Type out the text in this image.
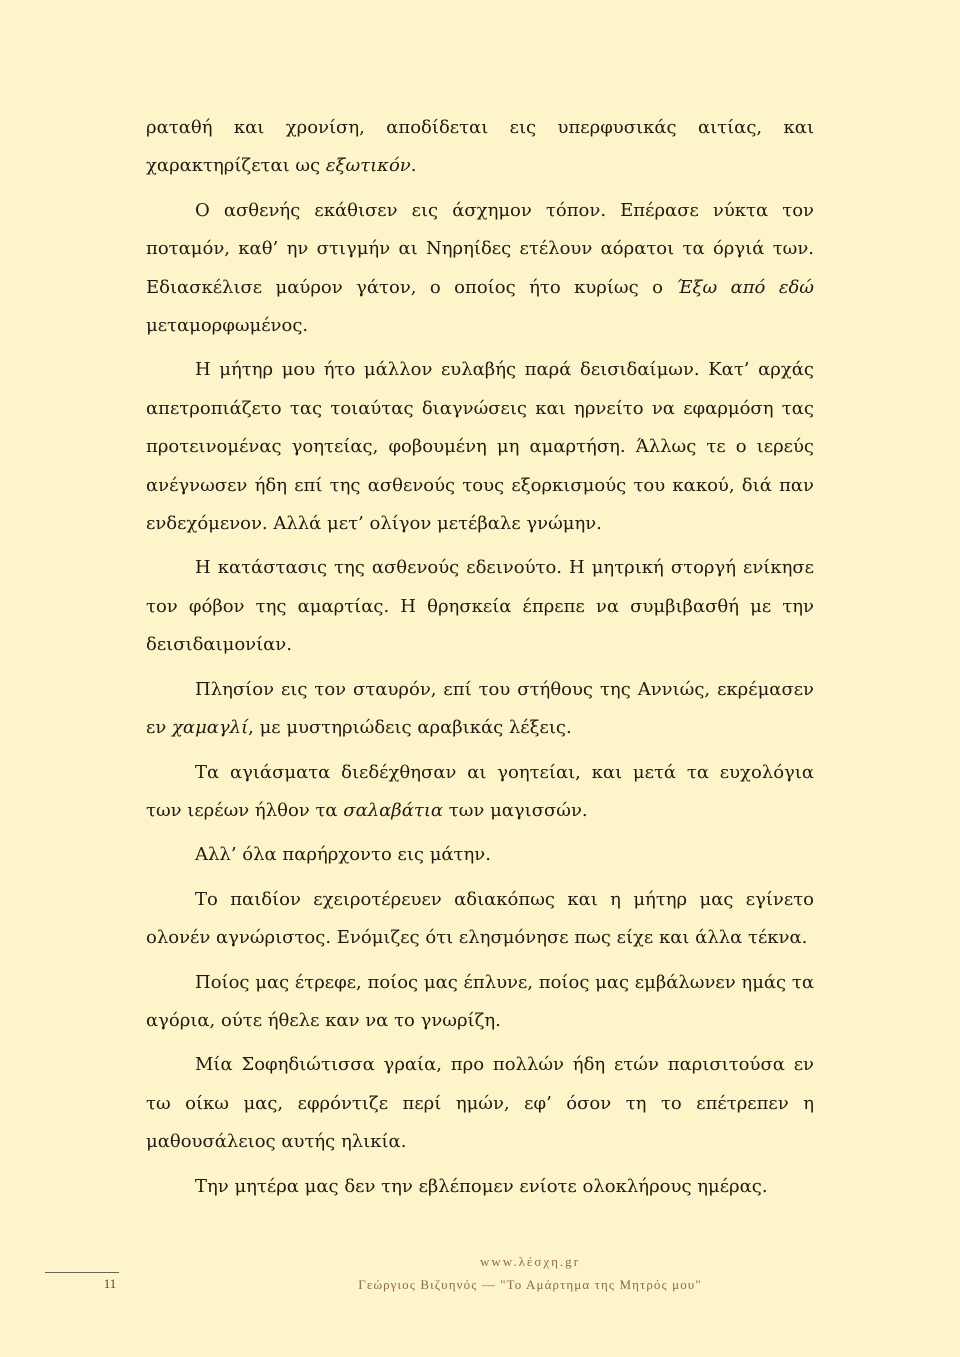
ραταθή και χρονίση, αποδίδεται εις υπερφυσικάς αιτίας, και χαρακτηρίζεται ως εξωτικόν.

Ο ασθενής εκάθισεν εις άσχημον τόπον. Επέρασε νύκτα τον ποταμόν, καθ’ ην στιγμήν αι Νηρηίδες ετέλουν αόρατοι τα όργιά των. Εδιασκέλισε μαύρον γάτον, ο οποίος ήτο κυρίως ο Έξω από εδώ μεταμορφωμένος.

Η μήτηρ μου ήτο μάλλον ευλαβής παρά δεισιδαίμων. Κατ’ αρχάς απετροπιάζετο τας τοιαύτας διαγνώσεις και ηρνείτο να εφαρμόση τας προτεινομένας γοητείας, φοβουμένη μη αμαρτήση. Άλλως τε ο ιερεύς ανέγνωσεν ήδη επί της ασθενούς τους εξορκισμούς του κακού, διά παν ενδεχόμενον. Αλλά μετ’ ολίγον μετέβαλε γνώμην.

Η κατάστασις της ασθενούς εδεινούτο. Η μητρική στοργή ενίκησε τον φόβον της αμαρτίας. Η θρησκεία έπρεπε να συμβιβασθή με την δεισιδαιμονίαν.

Πλησίον εις τον σταυρόν, επί του στήθους της Αννιώς, εκρέμασεν εν χαμαγλί, με μυστηριώδεις αραβικάς λέξεις.

Τα αγιάσματα διεδέχθησαν αι γοητείαι, και μετά τα ευχολόγια των ιερέων ήλθον τα σαλαβάτια των μαγισσών.

Αλλ’ όλα παρήρχοντο εις μάτην.

Το παιδίον εχειροτέρευεν αδιακόπως και η μήτηρ μας εγίνετο ολονέν αγνώριστος. Ενόμιζες ότι ελησμόνησε πως είχε και άλλα τέκνα.

Ποίος μας έτρεφε, ποίος μας έπλυνε, ποίος μας εμβάλωνεν ημάς τα αγόρια, ούτε ήθελε καν να το γνωρίζη.

Μία Σοφηδιώτισσα γραία, προ πολλών ήδη ετών παρισιτούσα εν τω οίκω μας, εφρόντιζε περί ημών, εφ’ όσον τη το επέτρεπεν η μαθουσάλειος αυτής ηλικία.

Την μητέρα μας δεν την εβλέπομεν ενίοτε ολοκλήρους ημέρας.

11
www.λέσχη.gr
Γεώργιος Βιζυηνός — "Το Αμάρτημα της Μητρός μου"
